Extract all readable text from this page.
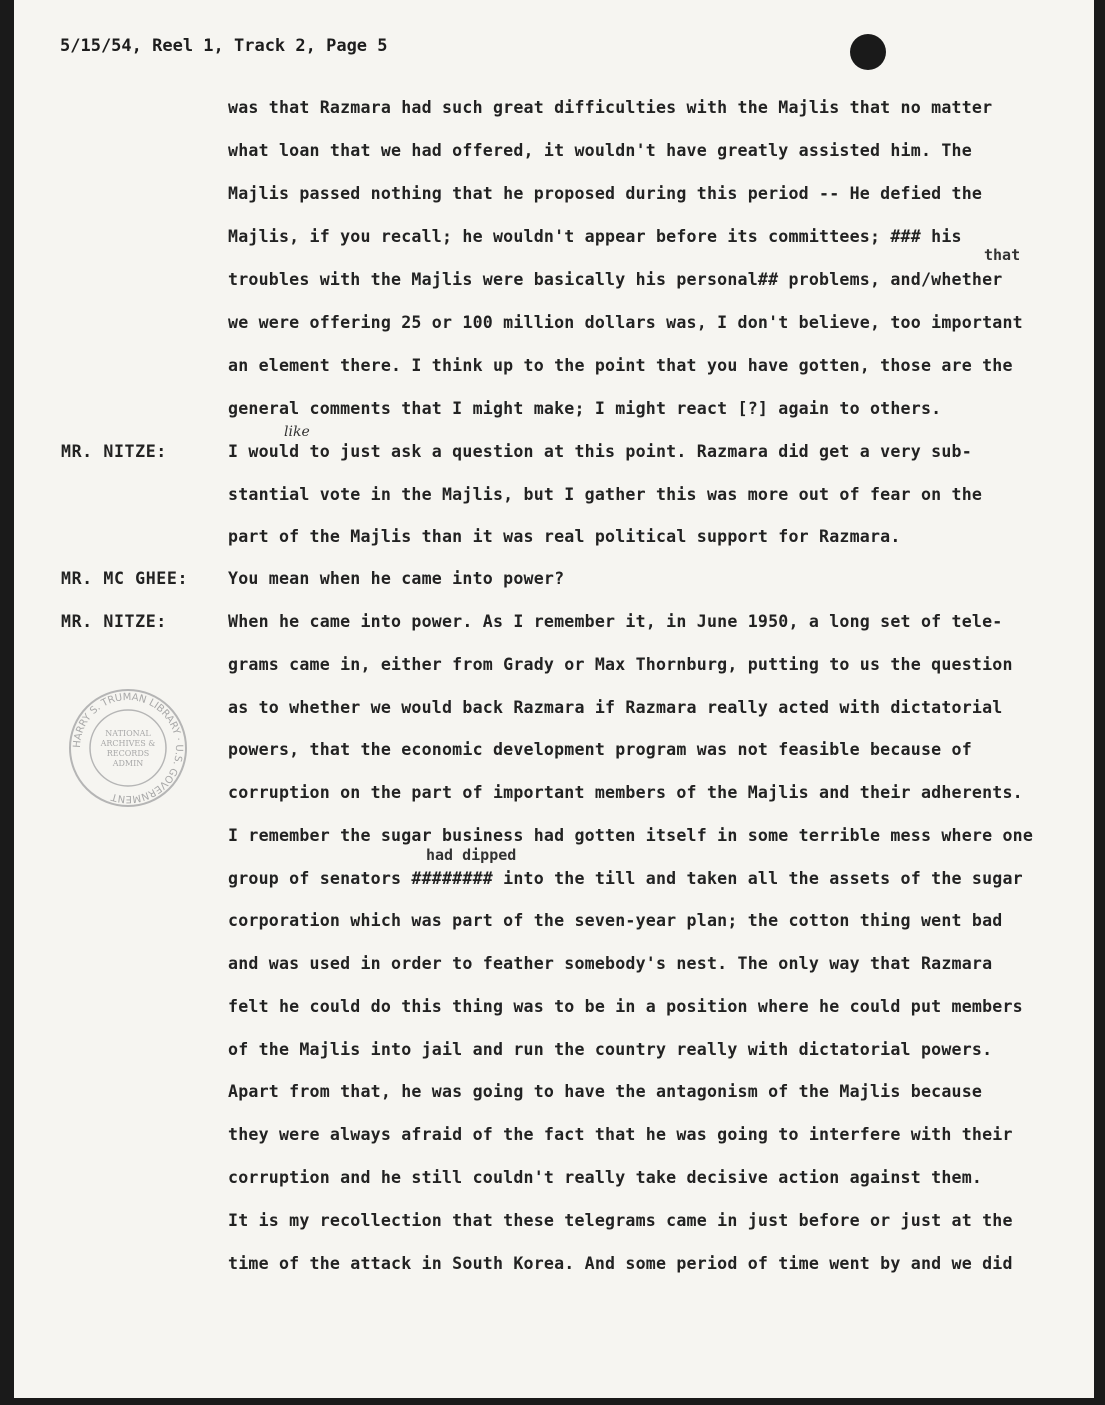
5/15/54, Reel 1, Track 2, Page 5
that
like
had dipped
MR. NITZE:
MR. MC GHEE:
MR. NITZE:
was that Razmara had such great difficulties with the Majlis that no matter
what loan that we had offered, it wouldn't have greatly assisted him. The
Majlis passed nothing that he proposed during this period -- He defied the
Majlis, if you recall; he wouldn't appear before its committees; ### his
troubles with the Majlis were basically his personal## problems, and/whether
we were offering 25 or 100 million dollars was, I don't believe, too important
an element there. I think up to the point that you have gotten, those are the
general comments that I might make; I might react [?] again to others.
I would to just ask a question at this point. Razmara did get a very sub-
stantial vote in the Majlis, but I gather this was more out of fear on the
part of the Majlis than it was real political support for Razmara.
You mean when he came into power?
When he came into power. As I remember it, in June 1950, a long set of tele-
grams came in, either from Grady or Max Thornburg, putting to us the question
as to whether we would back Razmara if Razmara really acted with dictatorial
powers, that the economic development program was not feasible because of
corruption on the part of important members of the Majlis and their adherents.
I remember the sugar business had gotten itself in some terrible mess where one
group of senators ######## into the till and taken all the assets of the sugar
corporation which was part of the seven-year plan; the cotton thing went bad
and was used in order to feather somebody's nest. The only way that Razmara
felt he could do this thing was to be in a position where he could put members
of the Majlis into jail and run the country really with dictatorial powers.
Apart from that, he was going to have the antagonism of the Majlis because
they were always afraid of the fact that he was going to interfere with their
corruption and he still couldn't really take decisive action against them.
It is my recollection that these telegrams came in just before or just at the
time of the attack in South Korea. And some period of time went by and we did
HARRY S. TRUMAN LIBRARY · U.S. GOVERNMENT
NATIONAL
ARCHIVES &
RECORDS
ADMIN
